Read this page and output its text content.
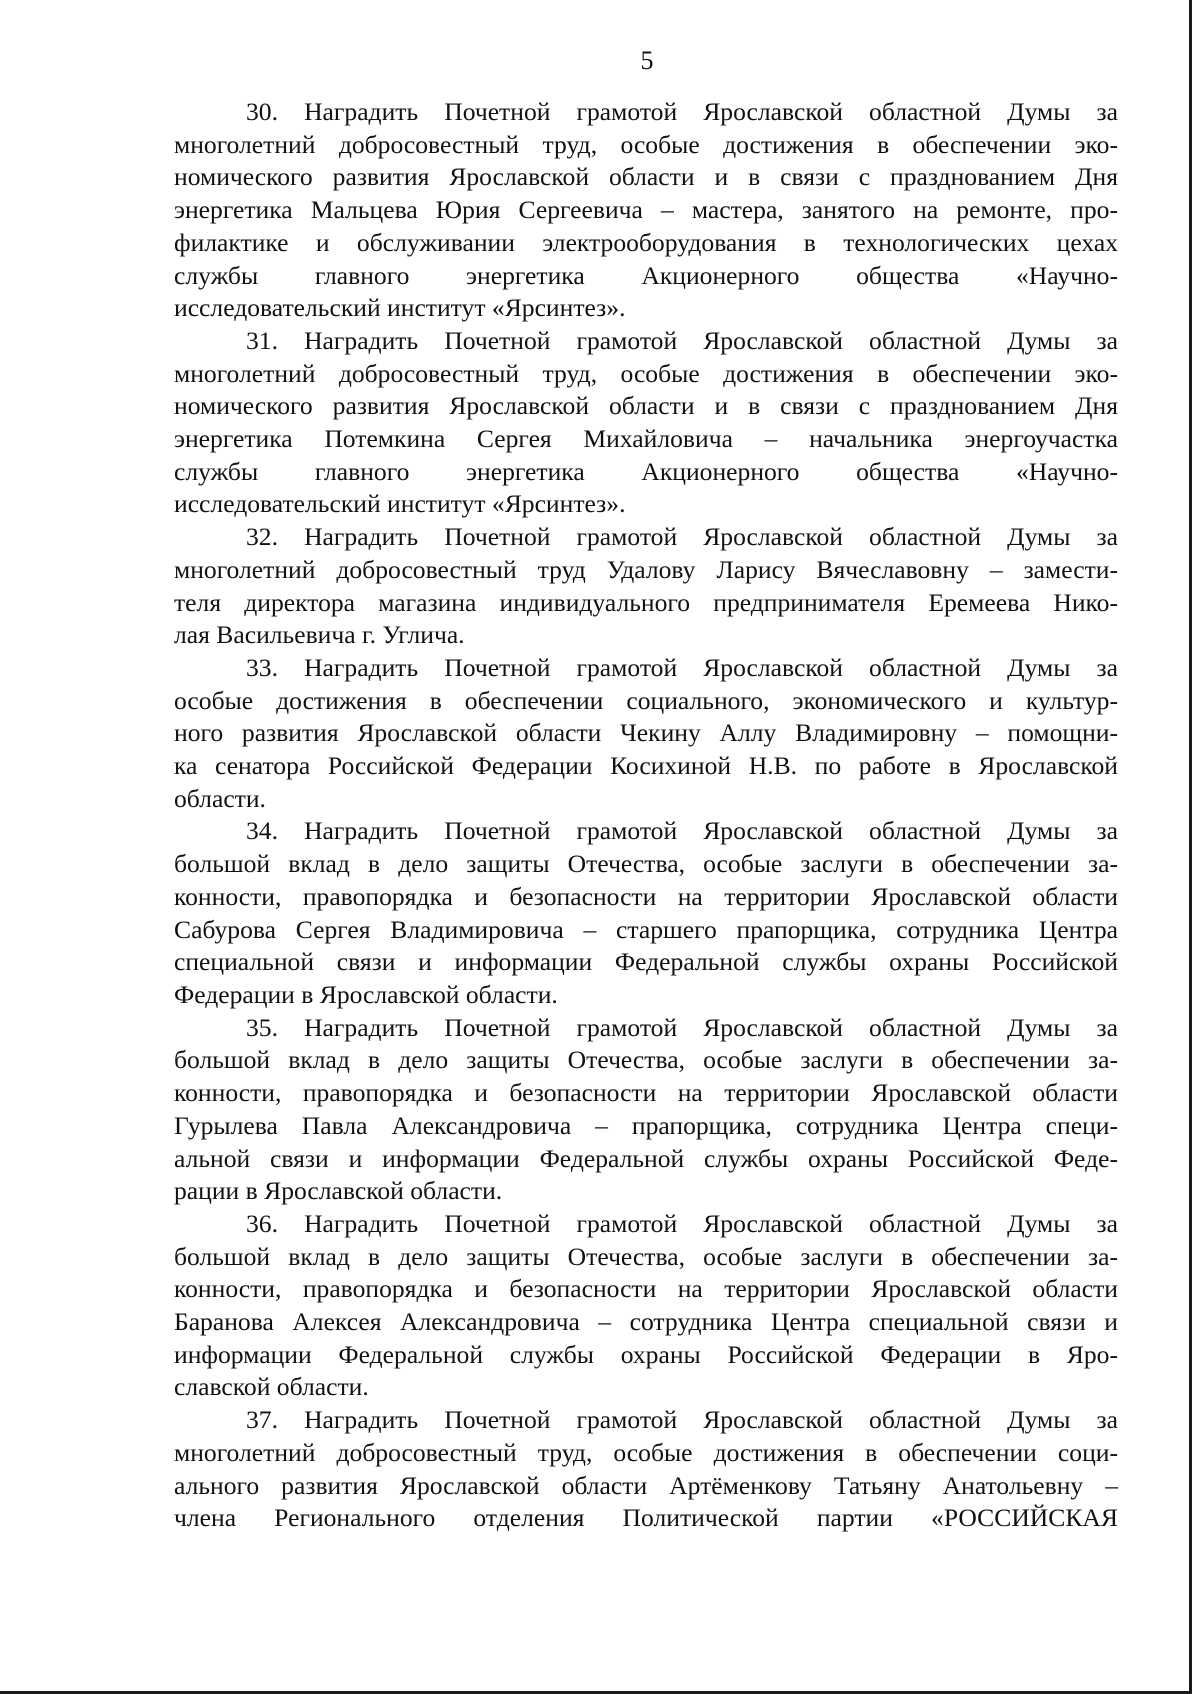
5
30. Наградить Почетной грамотой Ярославской областной Думы за
многолетний добросовестный труд, особые достижения в обеспечении эко-
номического развития Ярославской области и в связи с празднованием Дня
энергетика Мальцева Юрия Сергеевича – мастера, занятого на ремонте, про-
филактике и обслуживании электрооборудования в технологических цехах
службы главного энергетика Акционерного общества «Научно-
исследовательский институт «Ярсинтез».
31. Наградить Почетной грамотой Ярославской областной Думы за
многолетний добросовестный труд, особые достижения в обеспечении эко-
номического развития Ярославской области и в связи с празднованием Дня
энергетика Потемкина Сергея Михайловича – начальника энергоучастка
службы главного энергетика Акционерного общества «Научно-
исследовательский институт «Ярсинтез».
32. Наградить Почетной грамотой Ярославской областной Думы за
многолетний добросовестный труд Удалову Ларису Вячеславовну – замести-
теля директора магазина индивидуального предпринимателя Еремеева Нико-
лая Васильевича г. Углича.
33. Наградить Почетной грамотой Ярославской областной Думы за
особые достижения в обеспечении социального, экономического и культур-
ного развития Ярославской области Чекину Аллу Владимировну – помощни-
ка сенатора Российской Федерации Косихиной Н.В. по работе в Ярославской
области.
34. Наградить Почетной грамотой Ярославской областной Думы за
большой вклад в дело защиты Отечества, особые заслуги в обеспечении за-
конности, правопорядка и безопасности на территории Ярославской области
Сабурова Сергея Владимировича – старшего прапорщика, сотрудника Центра
специальной связи и информации Федеральной службы охраны Российской
Федерации в Ярославской области.
35. Наградить Почетной грамотой Ярославской областной Думы за
большой вклад в дело защиты Отечества, особые заслуги в обеспечении за-
конности, правопорядка и безопасности на территории Ярославской области
Гурылева Павла Александровича – прапорщика, сотрудника Центра специ-
альной связи и информации Федеральной службы охраны Российской Феде-
рации в Ярославской области.
36. Наградить Почетной грамотой Ярославской областной Думы за
большой вклад в дело защиты Отечества, особые заслуги в обеспечении за-
конности, правопорядка и безопасности на территории Ярославской области
Баранова Алексея Александровича – сотрудника Центра специальной связи и
информации Федеральной службы охраны Российской Федерации в Яро-
славской области.
37. Наградить Почетной грамотой Ярославской областной Думы за
многолетний добросовестный труд, особые достижения в обеспечении соци-
ального развития Ярославской области Артёменкову Татьяну Анатольевну –
члена Регионального отделения Политической партии «РОССИЙСКАЯ
